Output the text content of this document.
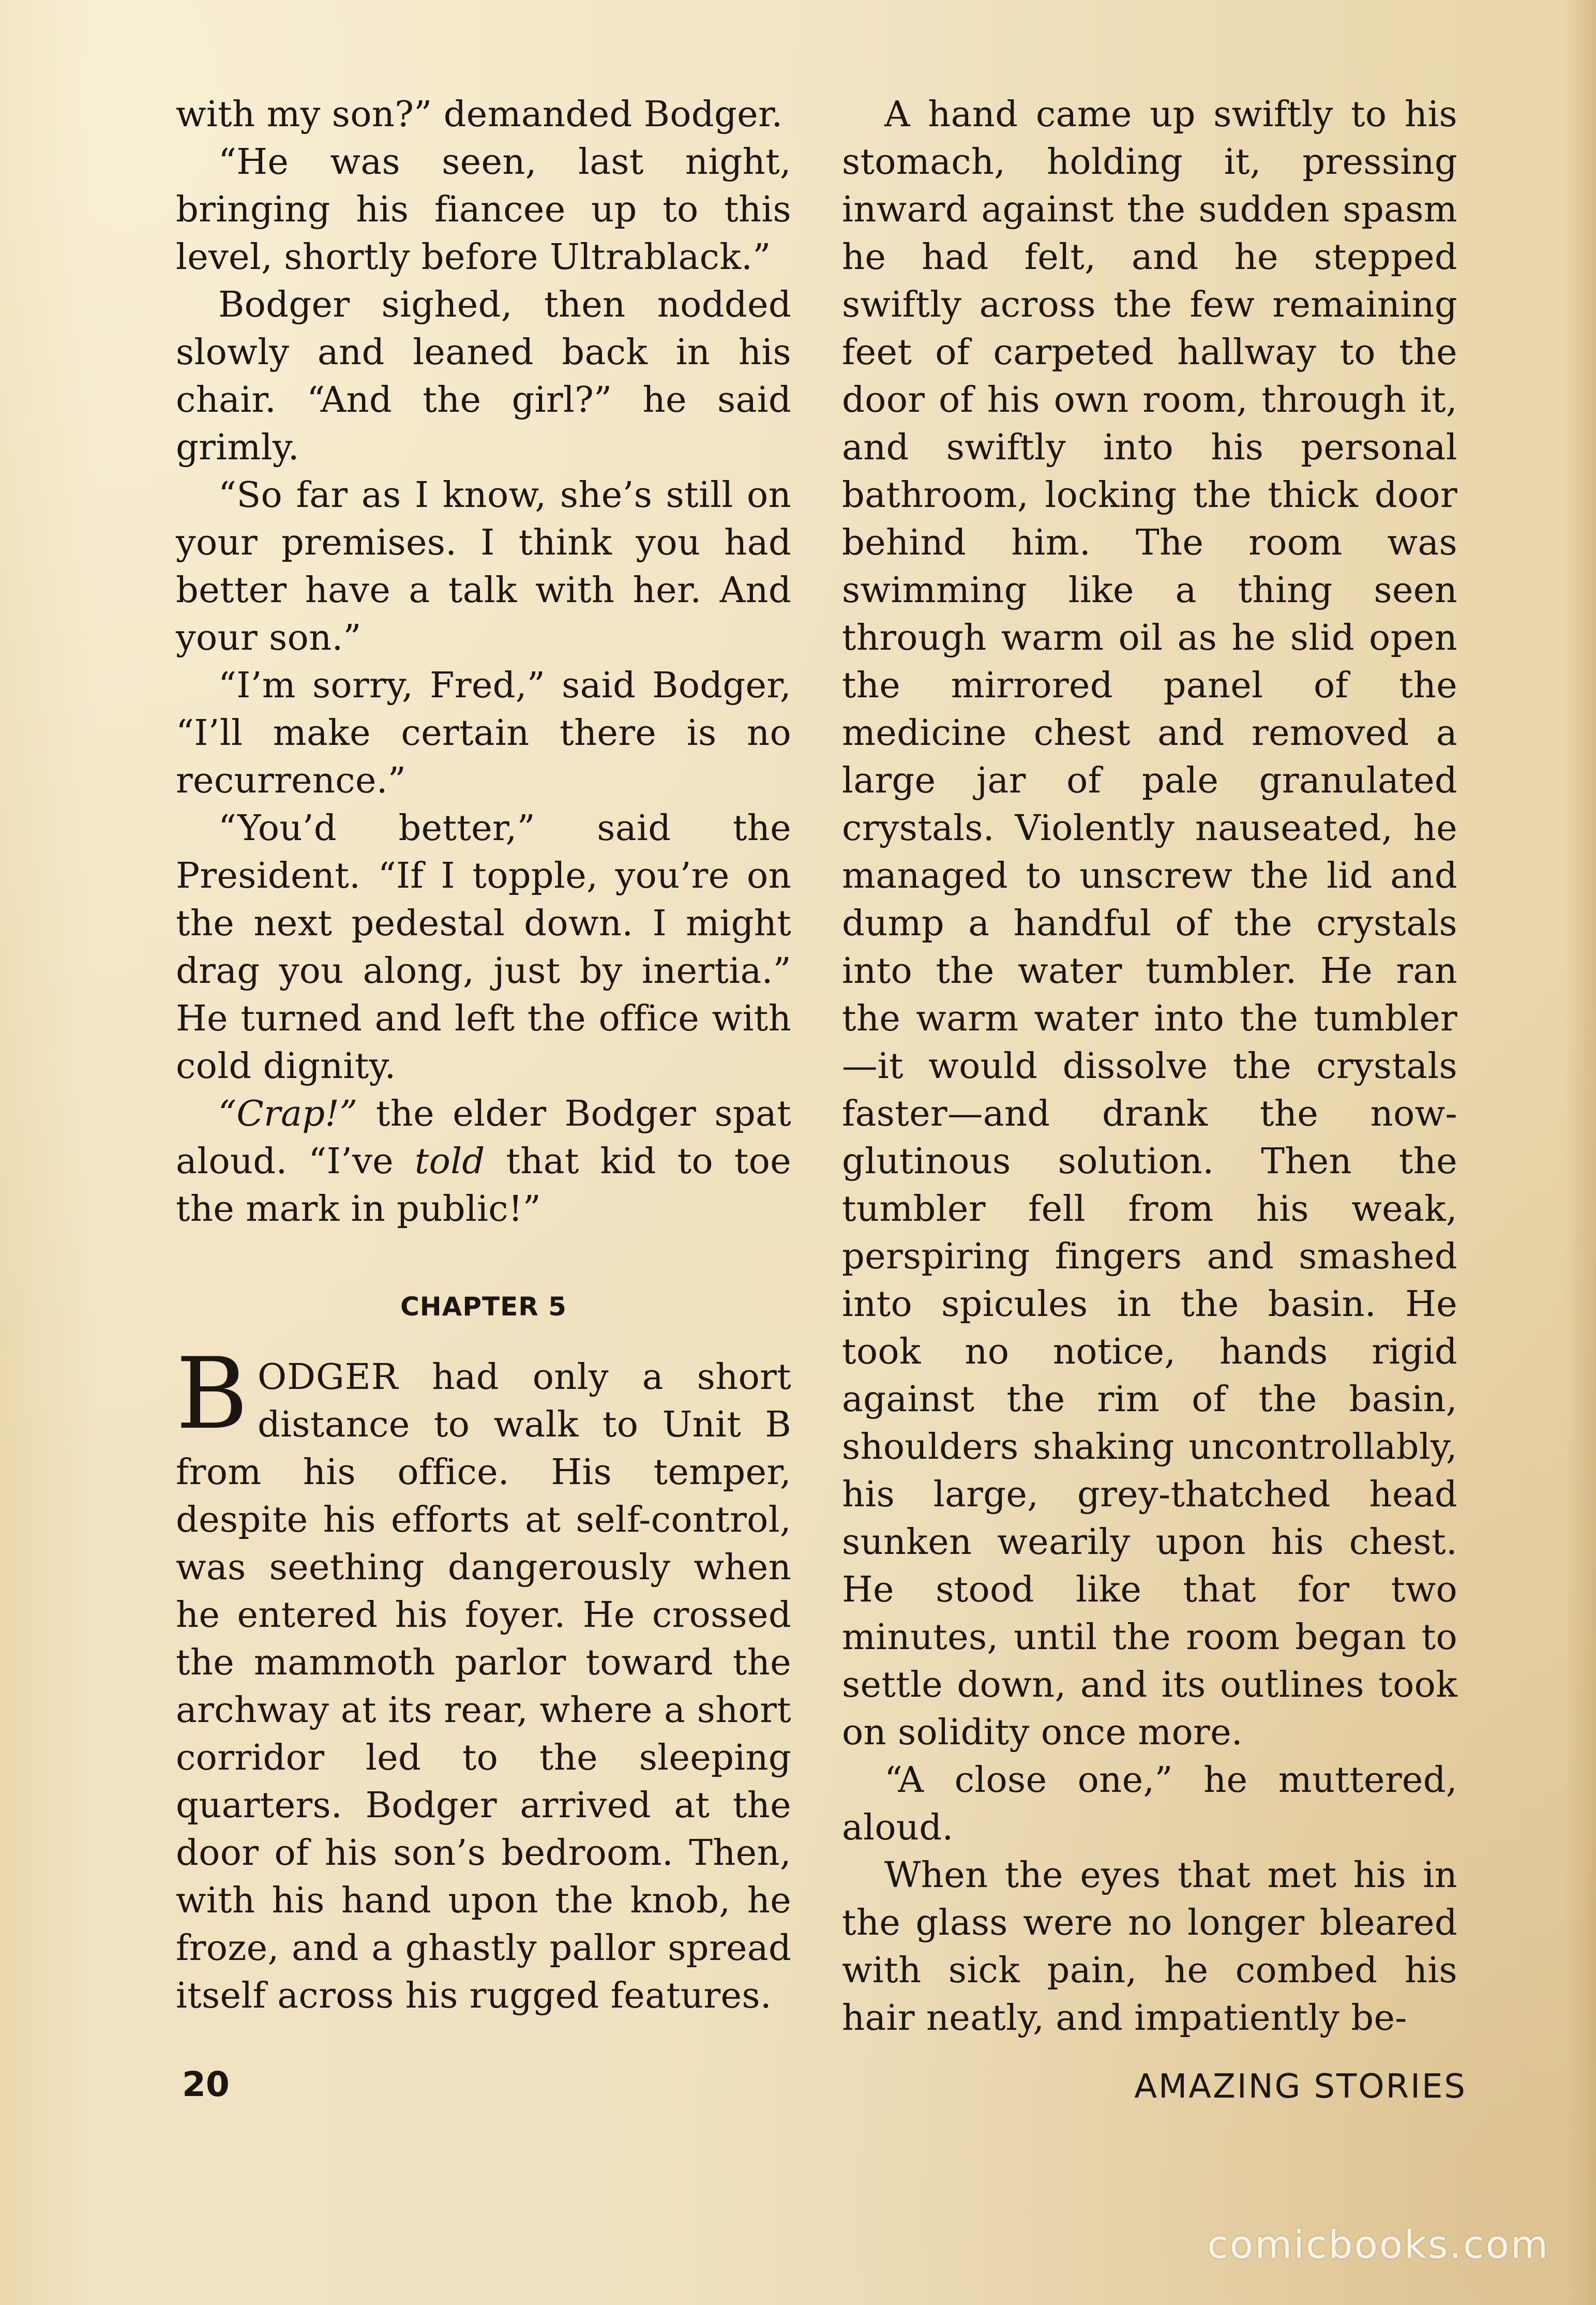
with my son?” demanded Bodger.

“He was seen, last night, bringing his fiancee up to this level, shortly before Ultrablack.”

Bodger sighed, then nodded slowly and leaned back in his chair. “And the girl?” he said grimly.

“So far as I know, she’s still on your premises. I think you had better have a talk with her. And your son.”

“I’m sorry, Fred,” said Bodger, “I’ll make certain there is no recurrence.”

“You’d better,” said the President. “If I topple, you’re on the next pedestal down. I might drag you along, just by inertia.” He turned and left the office with cold dignity.

“Crap!” the elder Bodger spat aloud. “I’ve told that kid to toe the mark in public!”

CHAPTER 5

BODGER had only a short distance to walk to Unit B from his office. His temper, despite his efforts at self-control, was seething dangerously when he entered his foyer. He crossed the mammoth parlor toward the archway at its rear, where a short corridor led to the sleeping quarters. Bodger arrived at the door of his son’s bedroom. Then, with his hand upon the knob, he froze, and a ghastly pallor spread itself across his rugged features.

A hand came up swiftly to his stomach, holding it, pressing inward against the sudden spasm he had felt, and he stepped swiftly across the few remaining feet of carpeted hallway to the door of his own room, through it, and swiftly into his personal bathroom, locking the thick door behind him. The room was swimming like a thing seen through warm oil as he slid open the mirrored panel of the medicine chest and removed a large jar of pale granulated crystals. Violently nauseated, he managed to unscrew the lid and dump a handful of the crystals into the water tumbler. He ran the warm water into the tumbler—it would dissolve the crystals faster—and drank the now-glutinous solution. Then the tumbler fell from his weak, perspiring fingers and smashed into spicules in the basin. He took no notice, hands rigid against the rim of the basin, shoulders shaking uncontrollably, his large, grey-thatched head sunken wearily upon his chest. He stood like that for two minutes, until the room began to settle down, and its outlines took on solidity once more.

“A close one,” he muttered, aloud.

When the eyes that met his in the glass were no longer bleared with sick pain, he combed his hair neatly, and impatiently be-

20	AMAZING STORIES
comicbooks.com
